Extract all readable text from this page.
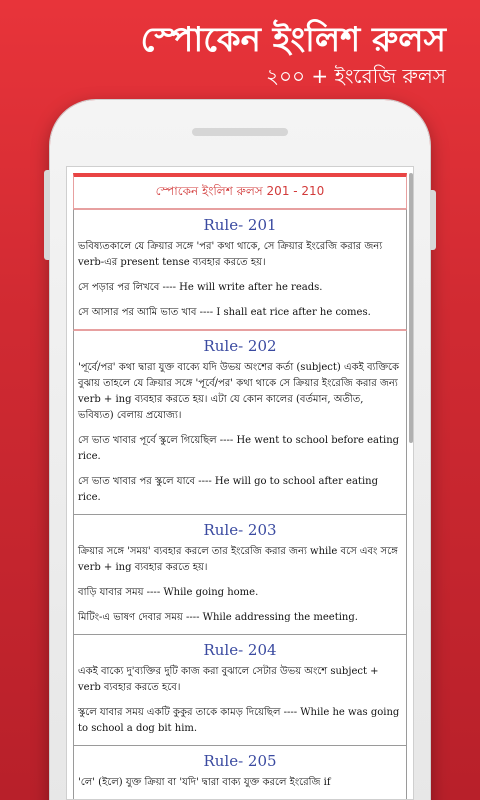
স্পোকেন ইংলিশ রুলস
২০০ + ইংরেজি রুলস
স্পোকেন ইংলিশ রুলস 201 - 210
Rule- 201
ভবিষ্যতকালে যে ক্রিয়ার সঙ্গে 'পর' কথা থাকে, সে ক্রিয়ার ইংরেজি করার জন্য verb-এর present tense ব্যবহার করতে হয়।
সে পড়ার পর লিখবে ---- He will write after he reads.
সে আসার পর আমি ভাত খাব ---- I shall eat rice after he comes.
Rule- 202
'পূর্বে/পর' কথা দ্বারা যুক্ত বাক্যে যদি উভয় অংশের কর্তা (subject) একই ব্যক্তিকে বুঝায় তাহলে যে ক্রিয়ার সঙ্গে 'পূর্বে/পর' কথা থাকে সে ক্রিয়ার ইংরেজি করার জন্য verb + ing ব্যবহার করতে হয়। এটা যে কোন কালের (বর্তমান, অতীত, ভবিষ্যত) বেলায় প্রযোজ্য।
সে ভাত খাবার পূর্বে স্কুলে গিয়েছিল ---- He went to school before eating rice.
সে ভাত খাবার পর স্কুলে যাবে ---- He will go to school after eating rice.
Rule- 203
ক্রিয়ার সঙ্গে 'সময়' ব্যবহার করলে তার ইংরেজি করার জন্য while বসে এবং সঙ্গে verb + ing ব্যবহার করতে হয়।
বাড়ি যাবার সময় ---- While going home.
মিটিং-এ ভাষণ দেবার সময় ---- While addressing the meeting.
Rule- 204
একই বাক্যে দু'ব্যক্তির দুটি কাজ করা বুঝালে সেটার উভয় অংশে subject + verb ব্যবহার করতে হবে।
স্কুলে যাবার সময় একটি কুকুর তাকে কামড় দিয়েছিল ---- While he was going to school a dog bit him.
Rule- 205
'লে' (ইলে) যুক্ত ক্রিয়া বা 'যদি' দ্বারা বাক্য যুক্ত করলে ইংরেজি if
